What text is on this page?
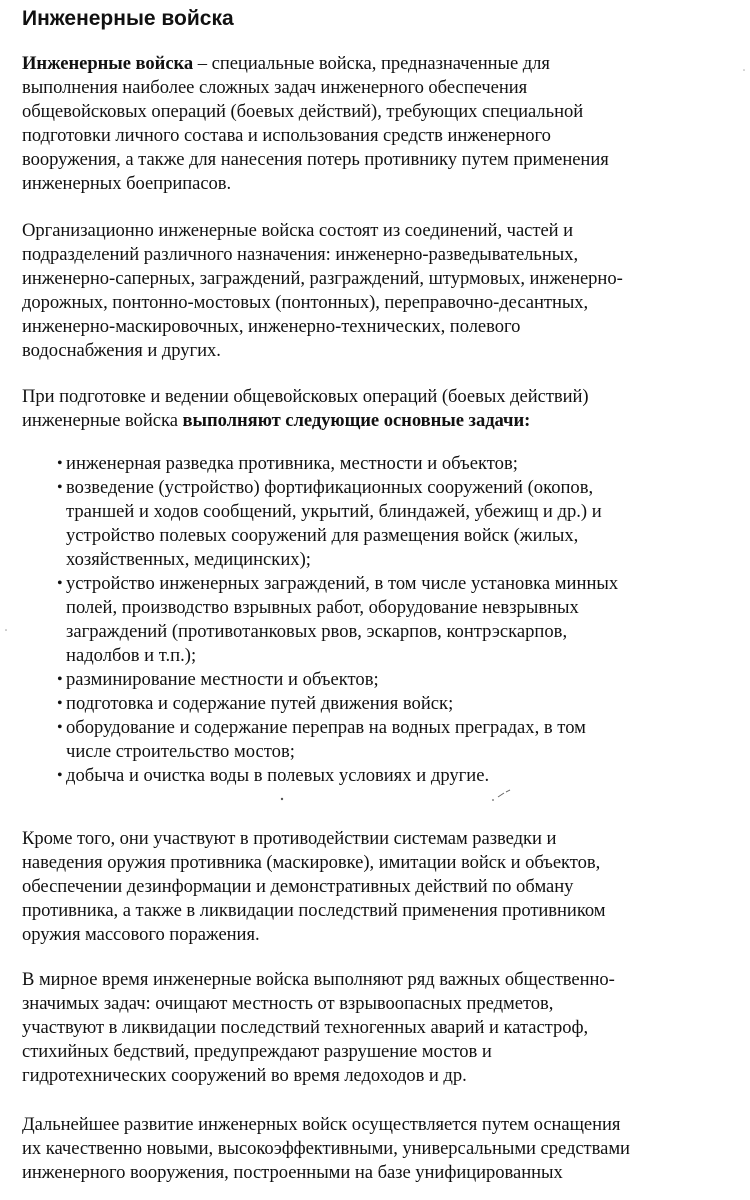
Инженерные войска

Инженерные войска – специальные войска, предназначенные для
выполнения наиболее сложных задач инженерного обеспечения
общевойсковых операций (боевых действий), требующих специальной
подготовки личного состава и использования средств инженерного
вооружения, а также для нанесения потерь противнику путем применения
инженерных боеприпасов.

Организационно инженерные войска состоят из соединений, частей и
подразделений различного назначения: инженерно-разведывательных,
инженерно-саперных, заграждений, разграждений, штурмовых, инженерно-
дорожных, понтонно-мостовых (понтонных), переправочно-десантных,
инженерно-маскировочных, инженерно-технических, полевого
водоснабжения и других.

При подготовке и ведении общевойсковых операций (боевых действий)
инженерные войска выполняют следующие основные задачи:

• инженерная разведка противника, местности и объектов;
• возведение (устройство) фортификационных сооружений (окопов,
траншей и ходов сообщений, укрытий, блиндажей, убежищ и др.) и
устройство полевых сооружений для размещения войск (жилых,
хозяйственных, медицинских);
• устройство инженерных заграждений, в том числе установка минных
полей, производство взрывных работ, оборудование невзрывных
заграждений (противотанковых рвов, эскарпов, контрэскарпов,
надолбов и т.п.);
• разминирование местности и объектов;
• подготовка и содержание путей движения войск;
• оборудование и содержание переправ на водных преградах, в том
числе строительство мостов;
• добыча и очистка воды в полевых условиях и другие.

Кроме того, они участвуют в противодействии системам разведки и
наведения оружия противника (маскировке), имитации войск и объектов,
обеспечении дезинформации и демонстративных действий по обману
противника, а также в ликвидации последствий применения противником
оружия массового поражения.

В мирное время инженерные войска выполняют ряд важных общественно-
значимых задач: очищают местность от взрывоопасных предметов,
участвуют в ликвидации последствий техногенных аварий и катастроф,
стихийных бедствий, предупреждают разрушение мостов и
гидротехнических сооружений во время ледоходов и др.

Дальнейшее развитие инженерных войск осуществляется путем оснащения
их качественно новыми, высокоэффективными, универсальными средствами
инженерного вооружения, построенными на базе унифицированных
